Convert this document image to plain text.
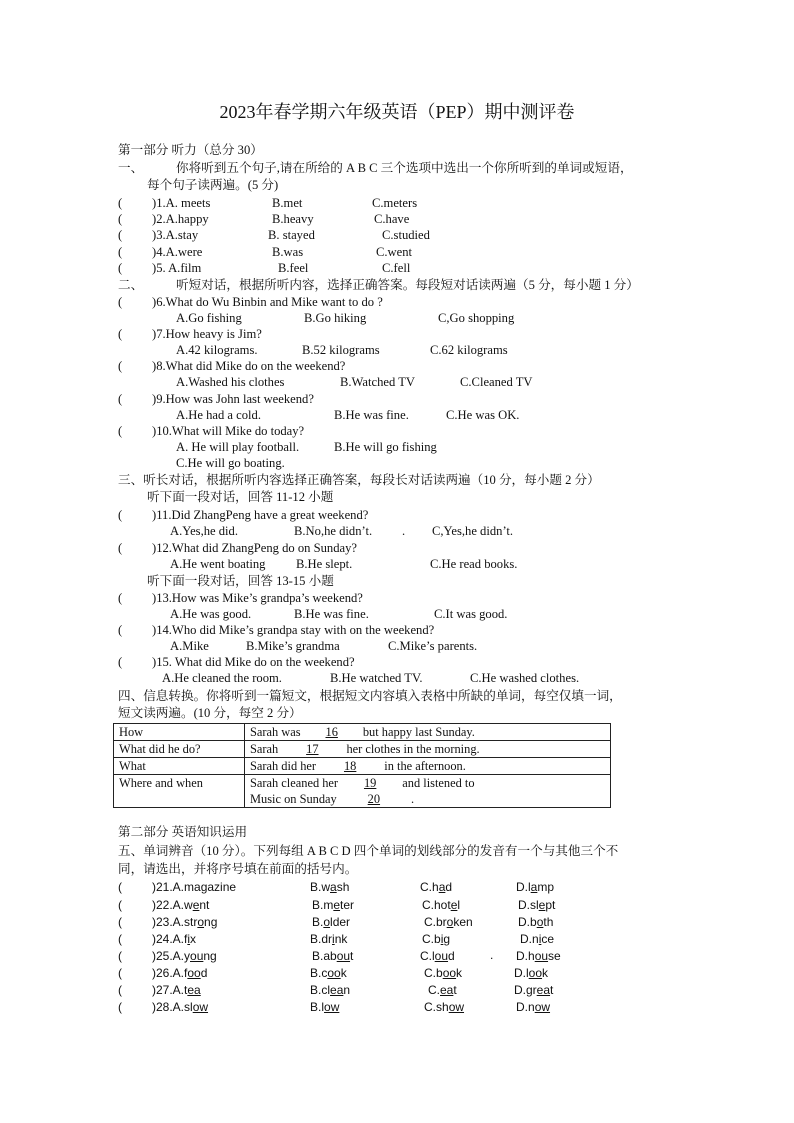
2023年春学期六年级英语（PEP）期中测评卷
第一部分 听力（总分 30）
一、	你将听到五个句子,请在所给的 A B C 三个选项中选出一个你所听到的单词或短语，
每个句子读两遍。(5 分)
( )1.A. meets	B.met	C.meters
( )2.A.happy	B.heavy	C.have
( )3.A.stay	B. stayed	C.studied
( )4.A.were	B.was	C.went
( )5. A.film	B.feel	C.fell
二、	听短对话，根据所听内容，选择正确答案。每段短对话读两遍（5 分，每小题 1 分）
( )6.What do Wu Binbin and Mike want to do ?
A.Go fishing	B.Go hiking	C,Go shopping
( )7.How heavy is Jim?
A.42 kilograms.	B.52 kilograms	C.62 kilograms
( )8.What did Mike do on the weekend?
A.Washed his clothes	B.Watched TV	C.Cleaned TV
( )9.How was John last weekend?
A.He had a cold.	B.He was fine.	C.He was OK.
( )10.What will Mike do today?
A. He will play football.	B.He will go fishing
C.He will go boating.
三、听长对话，根据所听内容选择正确答案，每段长对话读两遍（10 分，每小题 2 分）
听下面一段对话，回答 11-12 小题
( )11.Did ZhangPeng have a great weekend?
A.Yes,he did.	B.No,he didn’t. . C,Yes,he didn’t.
( )12.What did ZhangPeng do on Sunday?
A.He went boating B.He slept.	C.He read books.
听下面一段对话，回答 13-15 小题
( )13.How was Mike’s grandpa’s weekend?
A.He was good.	B.He was fine.	C.It was good.
( )14.Who did Mike’s grandpa stay with on the weekend?
A.Mike	B.Mike’s grandma	C.Mike’s parents.
( )15. What did Mike do on the weekend?
A.He cleaned the room.	B.He watched TV.	C.He washed clothes.
四、信息转换。你将听到一篇短文，根据短文内容填入表格中所缺的单词，每空仅填一词，
短文读两遍。(10 分，每空 2 分）
How	Sarah was 16 but happy last Sunday.
What did he do?	Sarah 17 her clothes in the morning.
What	Sarah did her 18 in the afternoon.
Where and when	Sarah cleaned her 19 and listened to
Music on Sunday 20 .
第二部分 英语知识运用
五、单词辨音（10 分）。下列每组 A B C D 四个单词的划线部分的发音有一个与其他三个不
同，请选出，并将序号填在前面的括号内。
(	)21.A.magazine	B.wash	C.had	D.lamp
(	)22.A.went	B.meter	C.hotel	D.slept
(	)23.A.strong	B.older	C.broken	D.both
(	)24.A.fix	B.drink	C.big	D.nice
(	)25.A.young	B.about	C.loud	. D.house
(	)26.A.food	B.cook	C.book	D.look
(	)27.A.tea	B.clean	C.eat	D.great
(	)28.A.slow	B.low	C.show	D.now
